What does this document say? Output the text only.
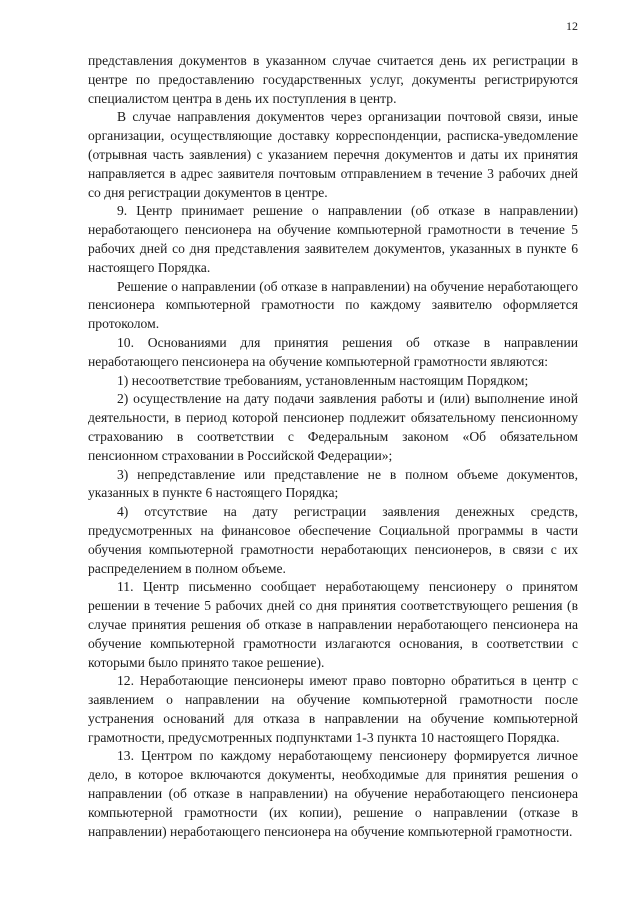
12

представления документов в указанном случае считается день их регистрации в центре по предоставлению государственных услуг, документы регистрируются специалистом центра в день их поступления в центр.

В случае направления документов через организации почтовой связи, иные организации, осуществляющие доставку корреспонденции, расписка-уведомление (отрывная часть заявления) с указанием перечня документов и даты их принятия направляется в адрес заявителя почтовым отправлением в течение 3 рабочих дней со дня регистрации документов в центре.

9. Центр принимает решение о направлении (об отказе в направлении) неработающего пенсионера на обучение компьютерной грамотности в течение 5 рабочих дней со дня представления заявителем документов, указанных в пункте 6 настоящего Порядка.

Решение о направлении (об отказе в направлении) на обучение неработающего пенсионера компьютерной грамотности по каждому заявителю оформляется протоколом.

10. Основаниями для принятия решения об отказе в направлении неработающего пенсионера на обучение компьютерной грамотности являются:

1) несоответствие требованиям, установленным настоящим Порядком;

2) осуществление на дату подачи заявления работы и (или) выполнение иной деятельности, в период которой пенсионер подлежит обязательному пенсионному страхованию в соответствии с Федеральным законом «Об обязательном пенсионном страховании в Российской Федерации»;

3) непредставление или представление не в полном объеме документов, указанных в пункте 6 настоящего Порядка;

4) отсутствие на дату регистрации заявления денежных средств, предусмотренных на финансовое обеспечение Социальной программы в части обучения компьютерной грамотности неработающих пенсионеров, в связи с их распределением в полном объеме.

11. Центр письменно сообщает неработающему пенсионеру о принятом решении в течение 5 рабочих дней со дня принятия соответствующего решения (в случае принятия решения об отказе в направлении неработающего пенсионера на обучение компьютерной грамотности излагаются основания, в соответствии с которыми было принято такое решение).

12. Неработающие пенсионеры имеют право повторно обратиться в центр с заявлением о направлении на обучение компьютерной грамотности после устранения оснований для отказа в направлении на обучение компьютерной грамотности, предусмотренных подпунктами 1-3 пункта 10 настоящего Порядка.

13. Центром по каждому неработающему пенсионеру формируется личное дело, в которое включаются документы, необходимые для принятия решения о направлении (об отказе в направлении) на обучение неработающего пенсионера компьютерной грамотности (их копии), решение о направлении (отказе в направлении) неработающего пенсионера на обучение компьютерной грамотности.
